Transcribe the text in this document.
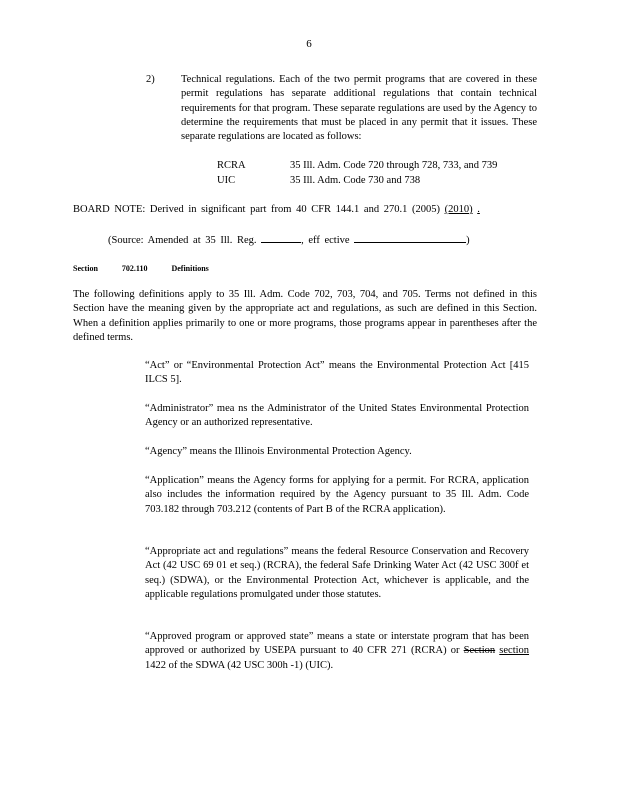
6
2)	Technical regulations. Each of the two permit programs that are covered in these permit regulations has separate additional regulations that contain technical requirements for that program. These separate regulations are used by the Agency to determine the requirements that must be placed in any permit that it issues. These separate regulations are located as follows:
RCRA	35 Ill. Adm. Code 720 through 728, 733, and 739
UIC	35 Ill. Adm. Code 730 and 738
BOARD NOTE: Derived in significant part from 40 CFR 144.1 and 270.1 (2005) (2010) .
(Source: Amended at 35 Ill. Reg.	, eff ective	)
Section	702.110	Definitions
The following definitions apply to 35 Ill. Adm. Code 702, 703, 704, and 705. Terms not defined in this Section have the meaning given by the appropriate act and regulations, as such are defined in this Section. When a definition applies primarily to one or more programs, those programs appear in parentheses after the defined terms.
“Act” or “Environmental Protection Act” means the Environmental Protection Act [415 ILCS 5].
“Administrator” mea ns the Administrator of the United States Environmental Protection Agency or an authorized representative.
“Agency” means the Illinois Environmental Protection Agency.
“Application” means the Agency forms for applying for a permit. For RCRA, application also includes the information required by the Agency pursuant to 35 Ill. Adm. Code 703.182 through 703.212 (contents of Part B of the RCRA application).
“Appropriate act and regulations” means the federal Resource Conservation and Recovery Act (42 USC 69 01 et seq.) (RCRA), the federal Safe Drinking Water Act (42 USC 300f et seq.) (SDWA), or the Environmental Protection Act, whichever is applicable, and the applicable regulations promulgated under those statutes.
“Approved program or approved state” means a state or interstate program that has been approved or authorized by USEPA pursuant to 40 CFR 271 (RCRA) or Section section 1422 of the SDWA (42 USC 300h -1) (UIC).
